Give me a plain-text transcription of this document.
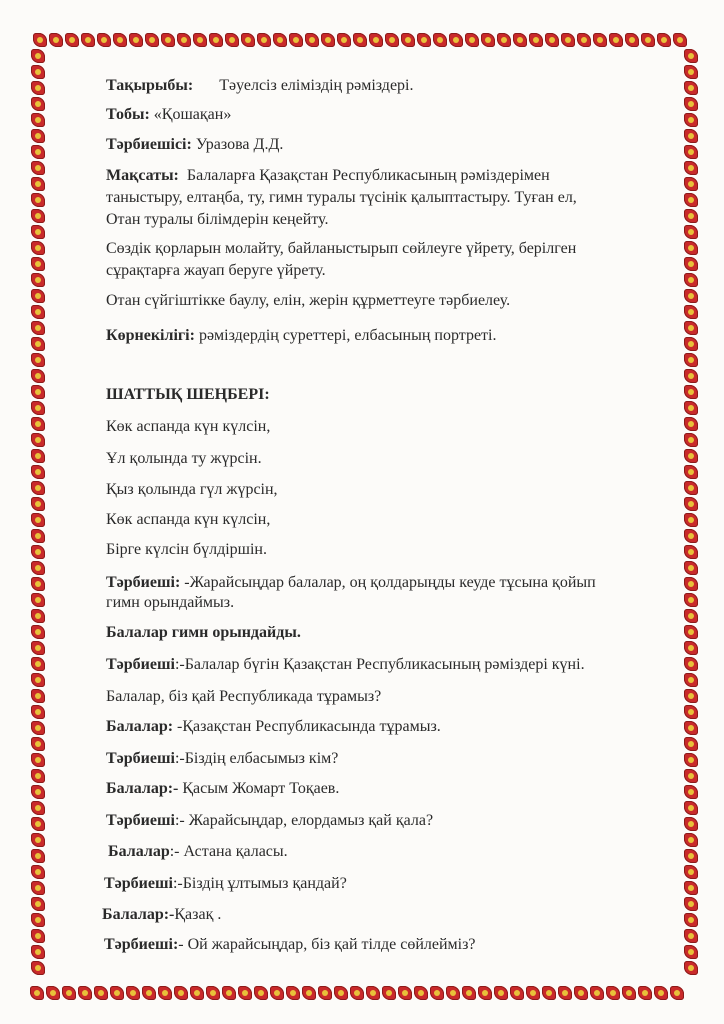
Тақырыбы: Тәуелсіз еліміздің рәміздері.
Тобы: «Қошақан»
Тәрбиешісі: Уразова Д.Д.
Мақсаты: Балаларға Қазақстан Республикасының рәміздерімен
таныстыру, елтаңба, ту, гимн туралы түсінік қалыптастыру. Туған ел,
Отан туралы білімдерін кеңейту.
Сөздік қорларын молайту, байланыстырып сөйлеуге үйрету, берілген
сұрақтарға жауап беруге үйрету.
Отан сүйгіштікке баулу, елін, жерін құрметтеуге тәрбиелеу.
Көрнекілігі: рәміздердің суреттері, елбасының портреті.
ШАТТЫҚ ШЕҢБЕРІ:
Көк аспанда күн күлсін,
Ұл қолында ту жүрсін.
Қыз қолында гүл жүрсін,
Көк аспанда күн күлсін,
Бірге күлсін бүлдіршін.
Тәрбиеші: -Жарайсыңдар балалар, оң қолдарыңды кеуде тұсына қойып
гимн орындаймыз.
Балалар гимн орындайды.
Тәрбиеші:-Балалар бүгін Қазақстан Республикасының рәміздері күні.
Балалар, біз қай Республикада тұрамыз?
Балалар: -Қазақстан Республикасында тұрамыз.
Тәрбиеші:-Біздің елбасымыз кім?
Балалар:- Қасым Жомарт Тоқаев.
Тәрбиеші:- Жарайсыңдар, елордамыз қай қала?
Балалар:- Астана қаласы.
Тәрбиеші:-Біздің ұлтымыз қандай?
Балалар:-Қазақ .
Тәрбиеші:- Ой жарайсыңдар, біз қай тілде сөйлейміз?
